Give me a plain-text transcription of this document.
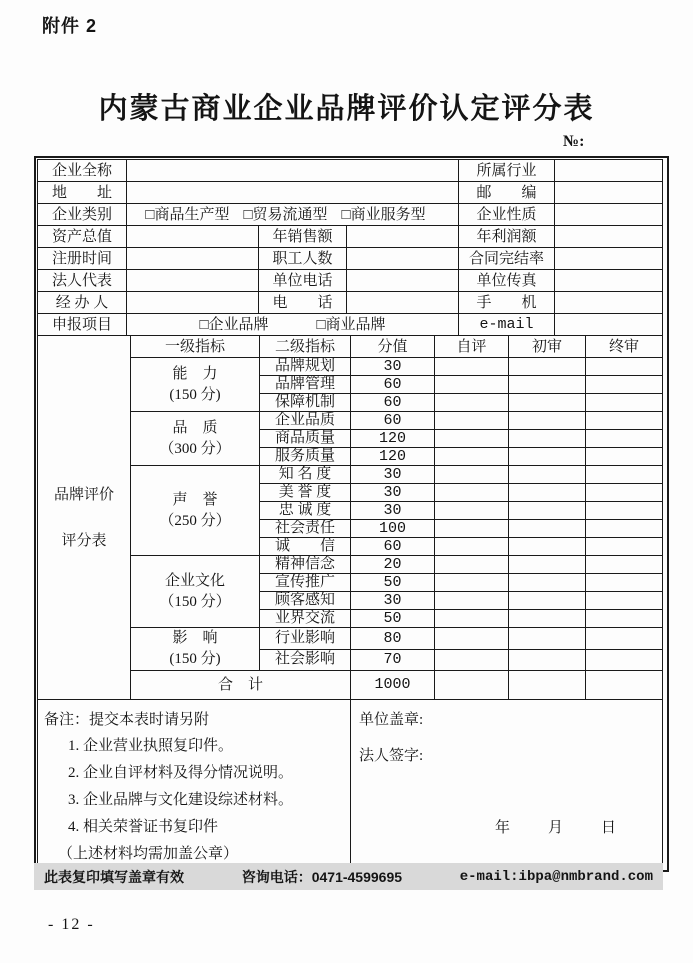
附件 2
内蒙古商业企业品牌评价认定评分表
№:
企业全称				所属行业	
地　　址				邮　　编	
企业类别	□商品生产型 □贸易流通型 □商业服务型			企业性质	
资产总值		年销售额		年利润额	
注册时间		职工人数		合同完结率	
法人代表		单位电话		单位传真	
经 办 人		电　　话		手　　机	
申报项目	□企业品牌 □商业品牌			e-mail	
品牌评价
评分表	一级指标	二级指标	分值	自评	初审	终审

	能　力
(150 分)	品牌规划	30			
		品牌管理	60			
		保障机制	60			

	品　质
（300 分）	企业品质	60			
		商品质量	120			
		服务质量	120			

	声　誉
（250 分）	知 名 度	30			
		美 誉 度	30			
		忠 诚 度	30			
		社会责任	100			
		诚　　信	60			

	企业文化
（150 分）	精神信念	20			
		宣传推广	50			
		顾客感知	30			
		业界交流	50			

	影　响
(150 分)	行业影响	80			
		社会影响	70			
	合　计		1000			
备注：提交本表时请另附
1. 企业营业执照复印件。
2. 企业自评材料及得分情况说明。
3. 企业品牌与文化建设综述材料。
4. 相关荣誉证书复印件
（上述材料均需加盖公章）

单位盖章:
法人签字:
年	月	日
此表复印填写盖章有效	咨询电话：0471-4599695	e-mail:ibpa@nmbrand.com
- 12 -
